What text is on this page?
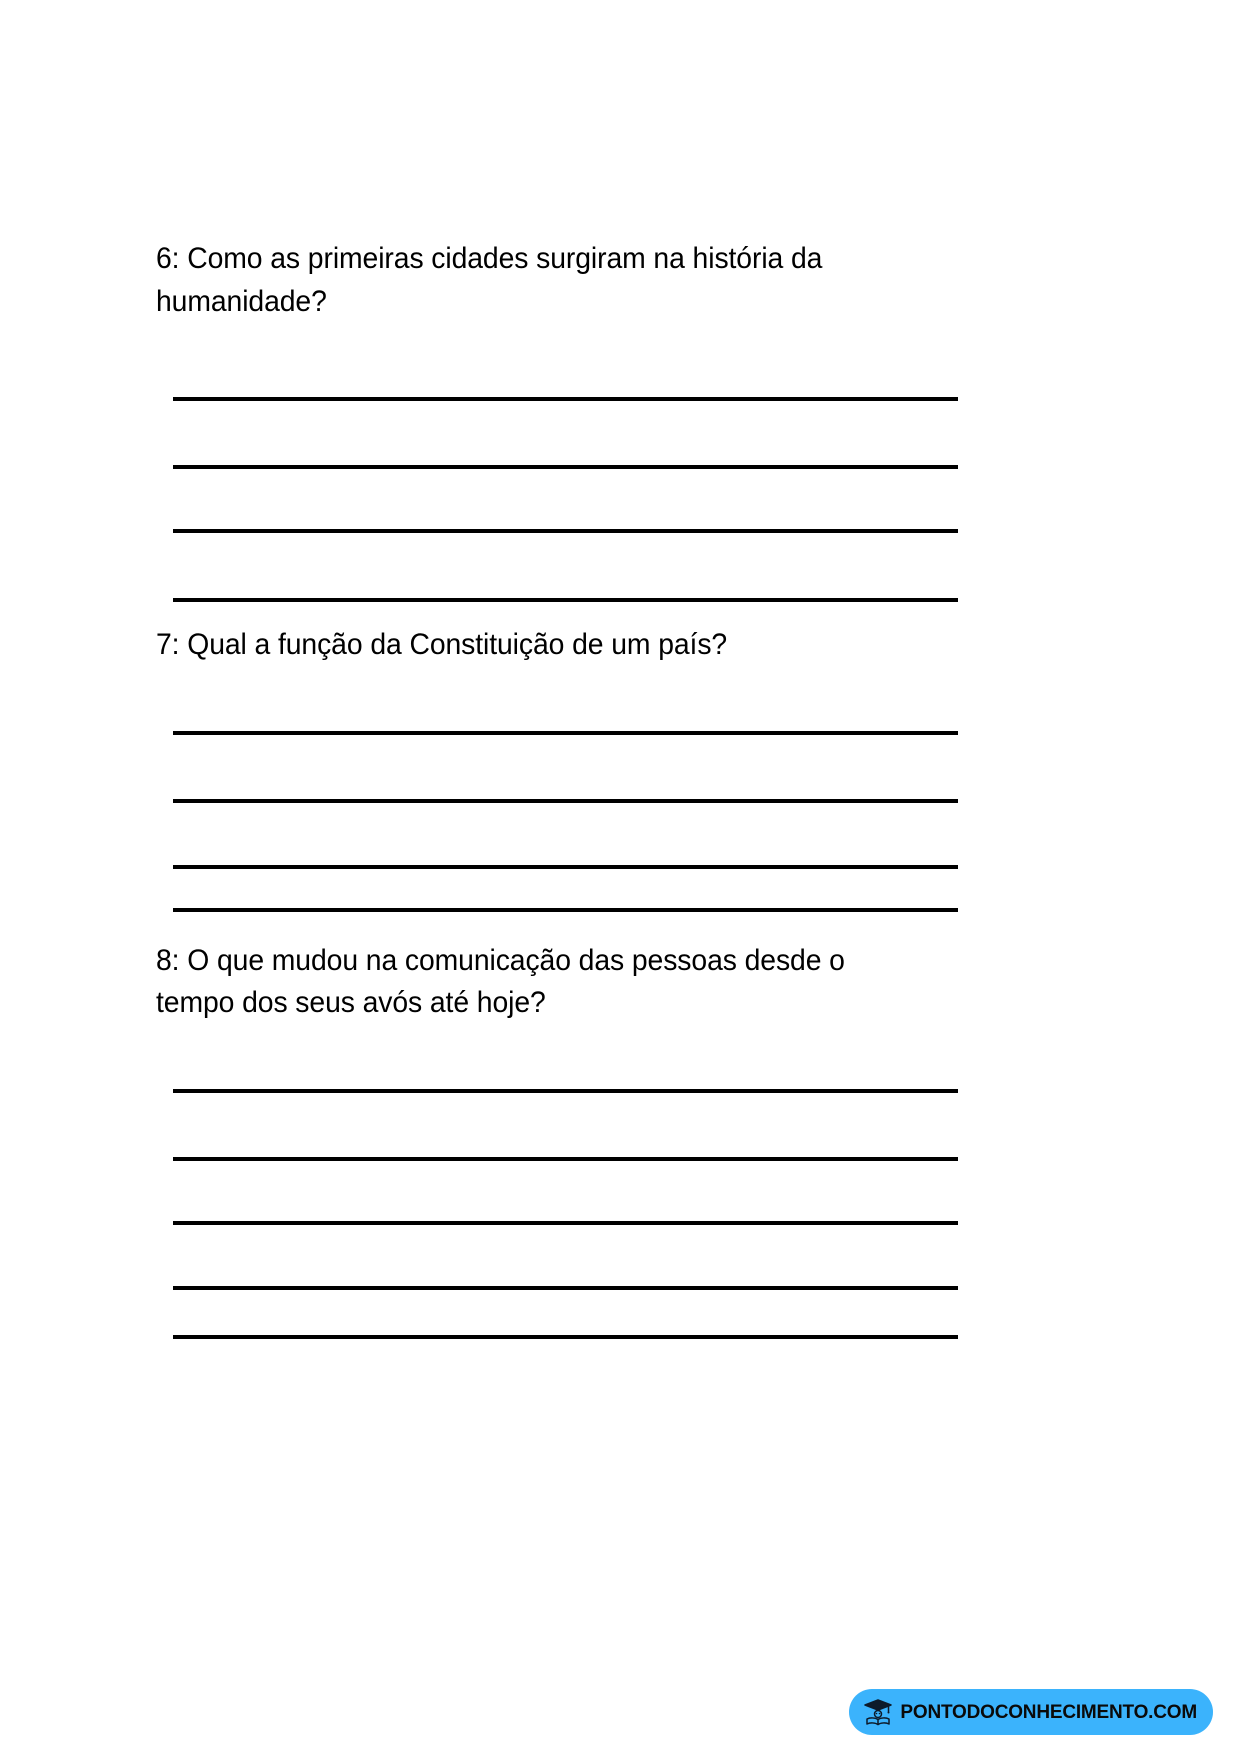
6: Como as primeiras cidades surgiram na história da humanidade?

7: Qual a função da Constituição de um país?

8: O que mudou na comunicação das pessoas desde o tempo dos seus avós até hoje?

PONTODOCONHECIMENTO.COM
